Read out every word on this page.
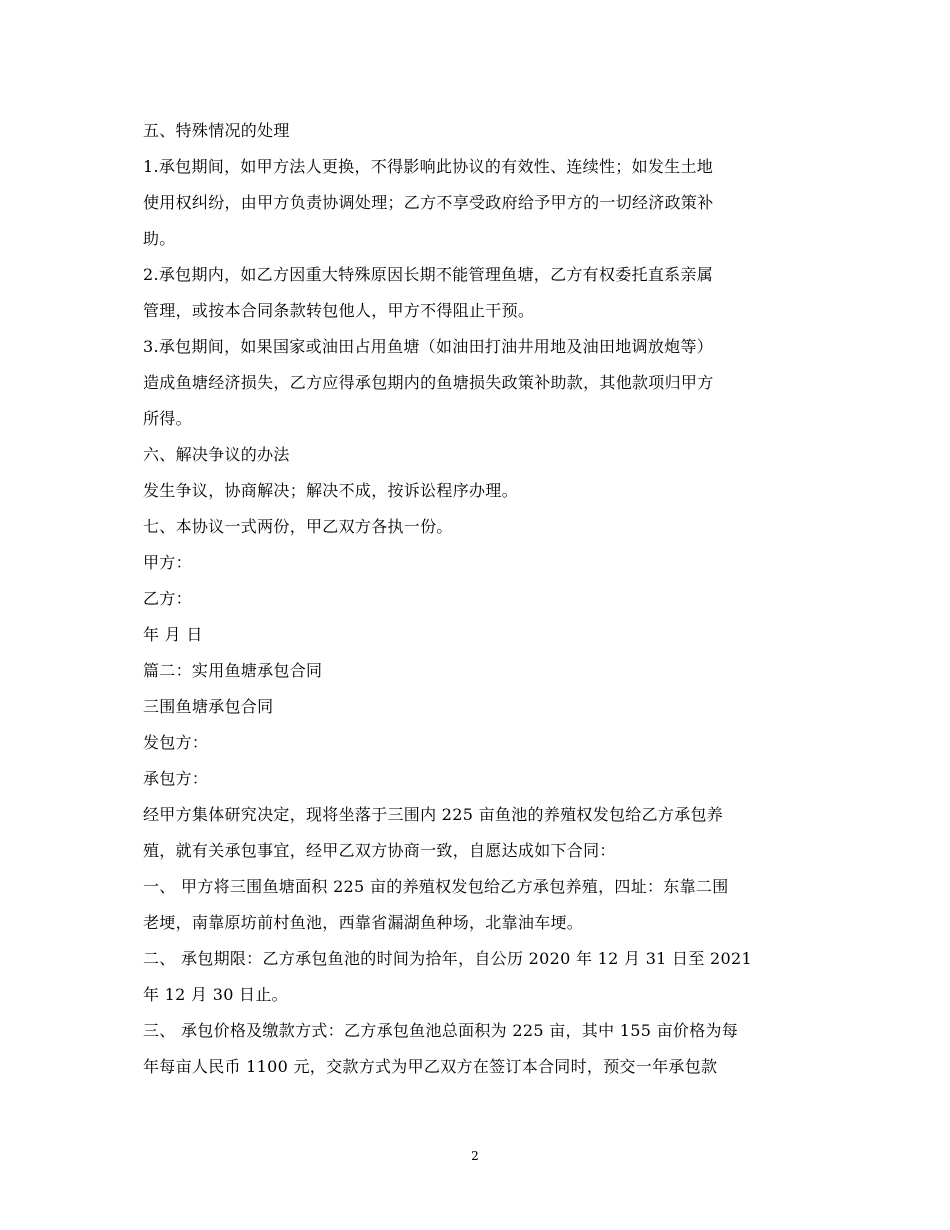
五、特殊情况的处理
1.承包期间，如甲方法人更换，不得影响此协议的有效性、连续性；如发生土地
使用权纠纷，由甲方负责协调处理；乙方不享受政府给予甲方的一切经济政策补
助。
2.承包期内，如乙方因重大特殊原因长期不能管理鱼塘，乙方有权委托直系亲属
管理，或按本合同条款转包他人，甲方不得阻止干预。
3.承包期间，如果国家或油田占用鱼塘（如油田打油井用地及油田地调放炮等）
造成鱼塘经济损失，乙方应得承包期内的鱼塘损失政策补助款，其他款项归甲方
所得。
六、解决争议的办法
发生争议，协商解决；解决不成，按诉讼程序办理。
七、本协议一式两份，甲乙双方各执一份。
甲方：
乙方：
年 月 日
篇二：实用鱼塘承包合同
三围鱼塘承包合同
发包方：
承包方：
经甲方集体研究决定，现将坐落于三围内 225 亩鱼池的养殖权发包给乙方承包养
殖，就有关承包事宜，经甲乙双方协商一致，自愿达成如下合同：
一、 甲方将三围鱼塘面积 225 亩的养殖权发包给乙方承包养殖，四址：东靠二围
老埂，南靠原坊前村鱼池，西靠省漏湖鱼种场，北靠油车埂。
二、 承包期限：乙方承包鱼池的时间为拾年，自公历 2020 年 12 月 31 日至 2021
年 12 月 30 日止。
三、 承包价格及缴款方式：乙方承包鱼池总面积为 225 亩，其中 155 亩价格为每
年每亩人民币 1100 元，交款方式为甲乙双方在签订本合同时，预交一年承包款
2
